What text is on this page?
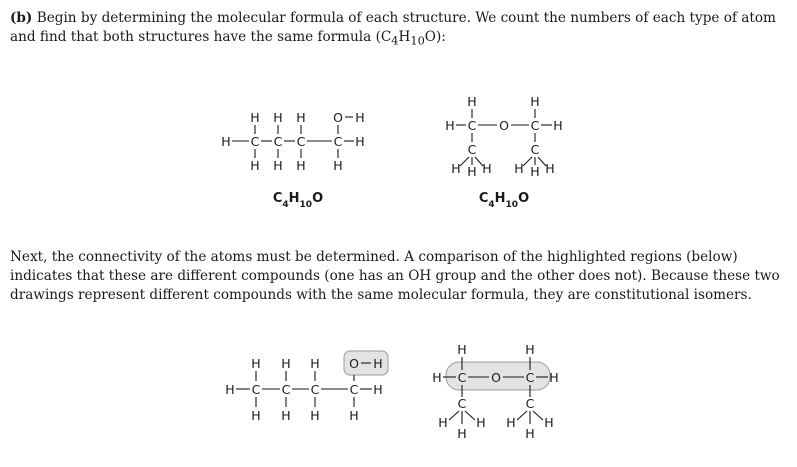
(b) Begin by determining the molecular formula of each structure. We count the numbers of each type of atom and find that both structures have the same formula $(C_4H_{10}O)$:

H H H O H
H C C C C H
H H H H
$C_4H_{10}O$
H	H
H C O C H
C	C
H H H H H H
$C_4H_{10}O$

Next, the connectivity of the atoms must be determined. A comparison of the highlighted regions (below) indicates that these are different compounds (one has an OH group and the other does not). Because these two drawings represent different compounds with the same molecular formula, they are constitutional isomers.

H H H O H
H C C C C H
H H H H
H	H
H C O C H
C	C
H H
H
H H
H
